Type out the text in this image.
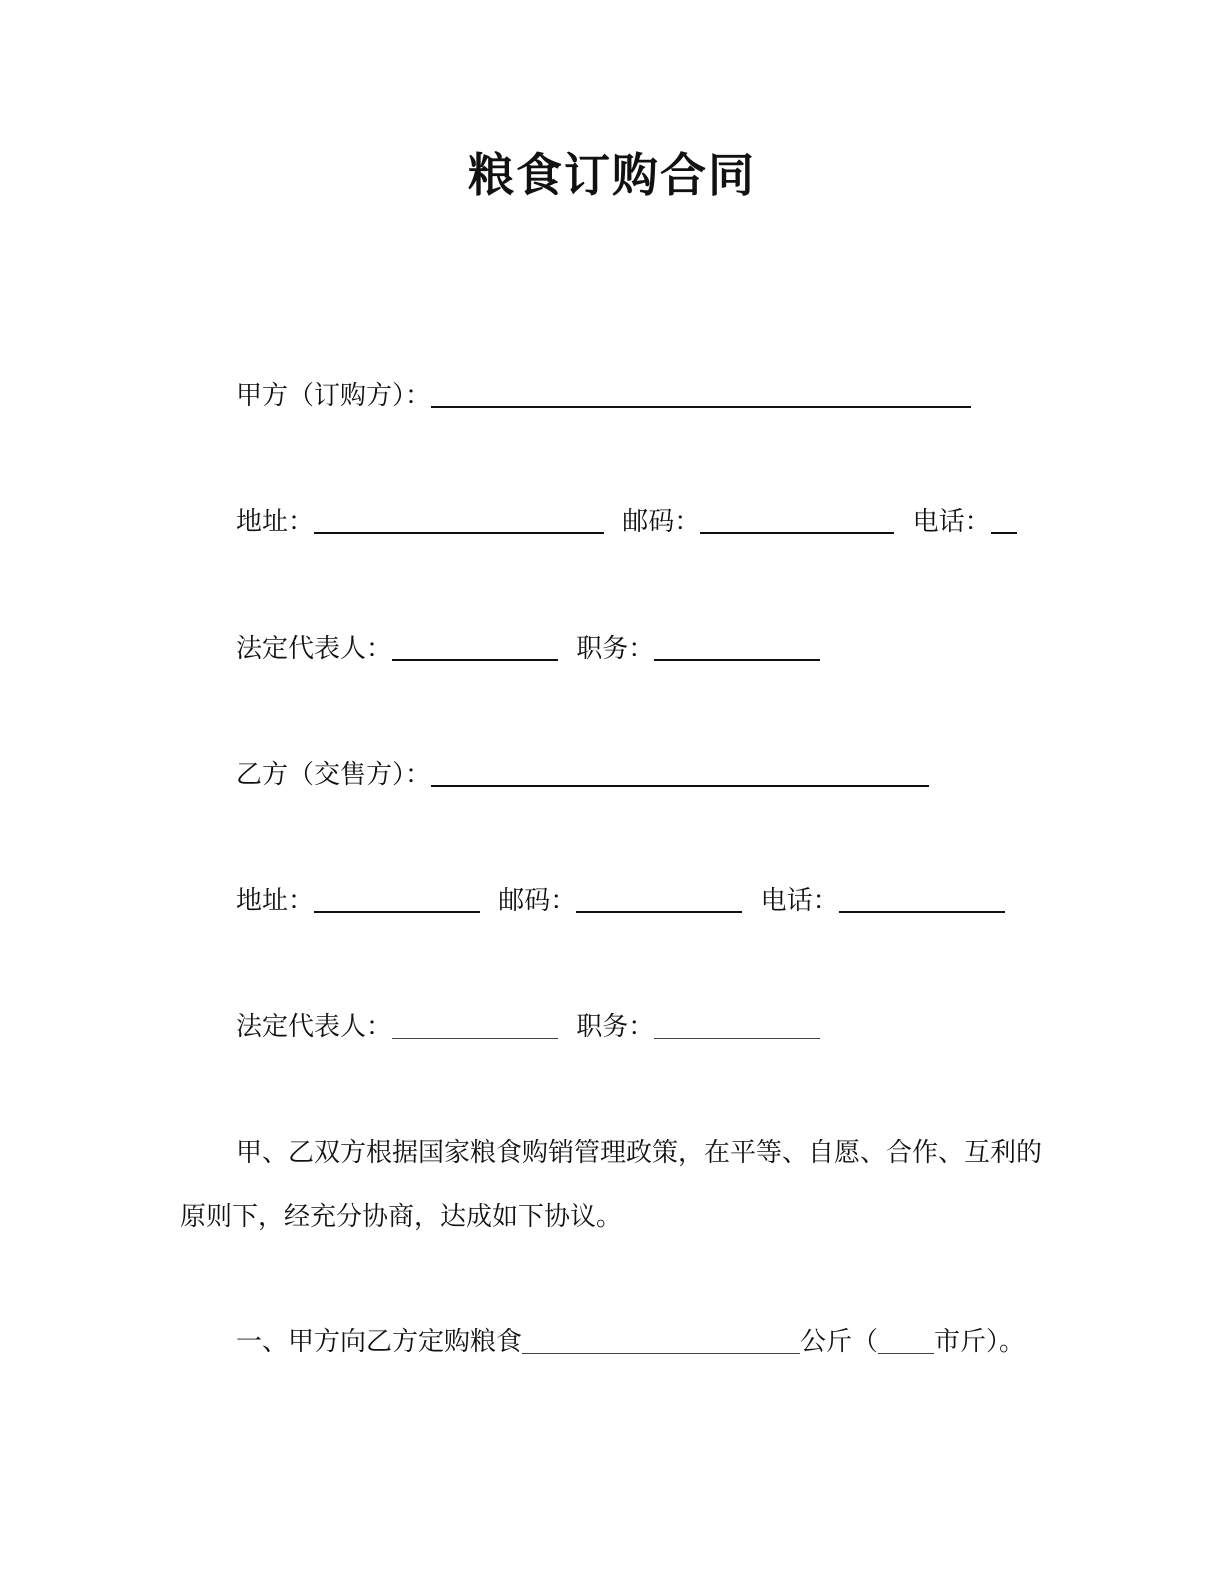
粮食订购合同
甲方（订购方）：
地址：	邮码：	电话：
法定代表人：	职务：
乙方（交售方）：
地址：	邮码：	电话：
法定代表人：	职务：
甲、乙双方根据国家粮食购销管理政策，在平等、自愿、合作、互利的原则下，经充分协商，达成如下协议。
一、甲方向乙方定购粮食	公斤（ 市斤）。
